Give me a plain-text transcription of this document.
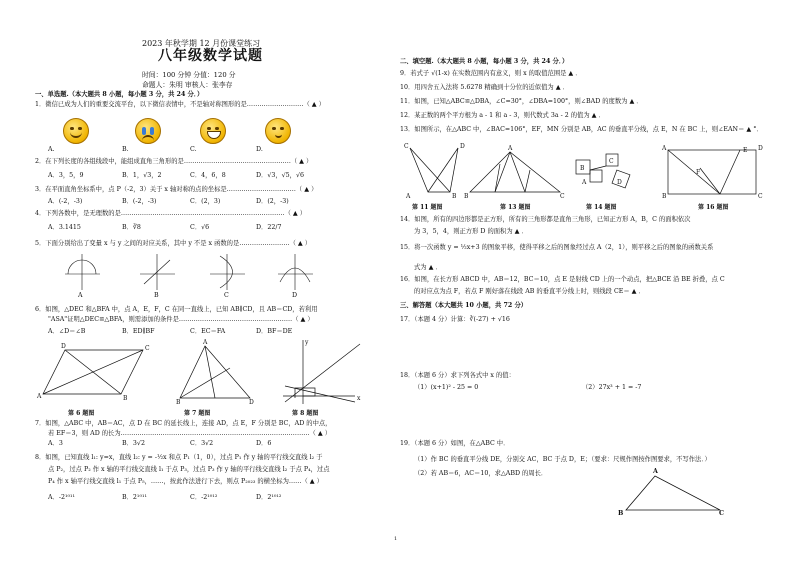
2023 年秋学期 12 月份课堂练习
八年级数学试题
时间：100 分钟 分值：120 分
命题人：朱明 审核人：张李存
一、单选题.（本大题共 8 小题，每小题 3 分，共 24 分．）
1．微信已成为人们的重要交流平台，以下微信表情中，不是轴对称图形的是………………………（ ▲ ）
A.	B.	C.	D.
2．在下列长度的各组线段中，能组成直角三角形的是……………………………………………（ ▲ ）
A．3，5，9	B．1，√3，2	C．4，6，8	D．√3，√5，√6
3．在平面直角坐标系中，点 P（-2，3）关于 x 轴对称的点的坐标是……………………………（ ▲ ）
A．(-2，-3)	B．(-2，-3)	C．(2，3)	D．(2，-3)
4．下列各数中，是无理数的是……………………………………………………………………（ ▲ ）
A．3.1415	B．∛8	C．√6	D．22/7
5．下面分别给出了变量 x 与 y 之间的对应关系，其中 y 不是 x 函数的是……………………（ ▲ ）
A	B	C	D
6．如图，△DEC 和△BFA 中，点 A，E，F，C 在同一直线上，已知 AB∥CD，且 AB＝CD，若利用
"ASA"证明△DEC≌△BFA，则需添加的条件是………………………………………………（ ▲ ）
A．∠D＝∠B	B．ED∥BF	C．EC＝FA	D．BF＝DE
D	C
A	B
A
B	D
y
x
第 6 题图	第 7 题图	第 8 题图
7．如图，△ABC 中，AB＝AC，点 D 在 BC 的延长线上，连接 AD，点 E，F 分别是 BC，AD 的中点，
若 EF＝3，则 AD 的长为………………………………………………………………………………（ ▲ ）
A．3	B．3√2	C．3√2	D．6
8．如图，已知直线 l₁: y=x，直线 l₂: y = -½x 和点 P₁（1，0），过点 P₁ 作 y 轴的平行线交直线 l₂ 于
点 P₂，过点 P₂ 作 x 轴的平行线交直线 l₁ 于点 P₃，过点 P₃ 作 y 轴的平行线交直线 l₂ 于点 P₄，过点
P₄ 作 x 轴平行线交直线 l₁ 于点 P₅，……，按此作法进行下去，则点 P₂₀₂₃ 的横坐标为……（ ▲ ）
A．-2¹⁰¹¹	B．2¹⁰¹¹	C．-2¹⁰¹²	D．2¹⁰¹²
二、填空题.（本大题共 8 小题，每小题 3 分，共 24 分．）
9．若式子 √(1-x) 在实数范围内有意义，则 x 的取值范围是 ▲ ．
10．用四舍五入法将 5.6278 精确到十分位的近似值为 ▲ ．
11．如图，已知△ABC≌△DBA，∠C=30°，∠DBA=100°，则∠BAD 的度数为 ▲ ．
12．某正数的两个平方根为 a - 1 和 a - 3，则代数式 3a - 2 的值为 ▲ ．
13．如图所示，在△ABC 中，∠BAC=106°，EF，MN 分别是 AB，AC 的垂直平分线，点 E，N 在 BC 上，则∠EAN＝ ▲ °．
C	D
A	B
A
B	C
B
C
A	D
A	D
B	C
E
F
第 11 题图	第 13 题图	第 14 题图	第 16 题图
14．如图，所有的四边形都是正方形，所有的三角形都是直角三角形，已知正方形 A，B，C 的面积依次
为 3，5，4，则正方形 D 的面积为 ▲ ．
15．将一次函数 y = ½x+3 的图象平移，使得平移之后的图象经过点 A（2，1），则平移之后的图象的函数关系
式为 ▲ ．
16．如图，在长方形 ABCD 中，AB＝12，BC＝10，点 E 是射线 CD 上的一个动点，把△BCE 沿 BE 折叠，点 C
的对应点为点 F，若点 F 刚好落在线段 AB 的垂直平分线上时，则线段 CE＝ ▲ ．
三、解答题（本大题共 10 小题，共 72 分）
17．（本题 4 分）计算：∛(-27) + √16
18．（本题 6 分）求下列各式中 x 的值：
（1）(x+1)² - 25 = 0	（2）27x³ + 1 = -7
19．（本题 6 分）如图，在△ABC 中．
（1）作 BC 的垂直平分线 DE，分别交 AC，BC 于点 D，E；（要求：尺规作图按作图要求，不写作法．）
（2）若 AB＝6，AC＝10，求△ABD 的周长．	A
B	C
1
